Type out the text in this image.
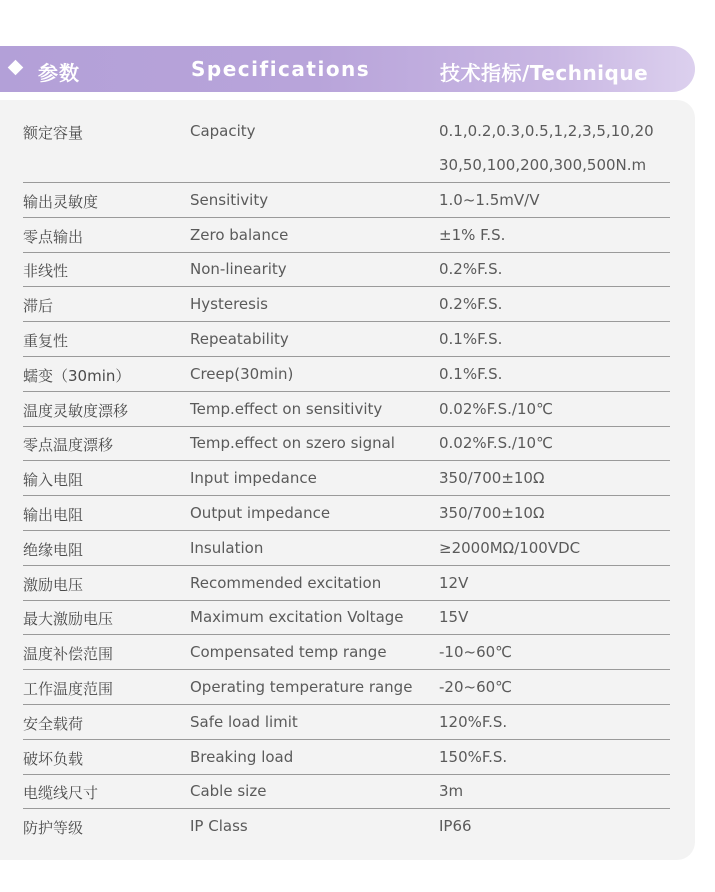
参数	Specifications	技术指标/Technique
额定容量	Capacity	0.1,0.2,0.3,0.5,1,2,3,5,10,20
30,50,100,200,300,500N.m
输出灵敏度	Sensitivity	1.0~1.5mV/V
零点输出	Zero balance	±1% F.S.
非线性	Non-linearity	0.2%F.S.
滞后	Hysteresis	0.2%F.S.
重复性	Repeatability	0.1%F.S.
蠕变（30min）	Creep(30min)	0.1%F.S.
温度灵敏度漂移	Temp.effect on sensitivity	0.02%F.S./10℃
零点温度漂移	Temp.effect on szero signal	0.02%F.S./10℃
输入电阻	Input impedance	350/700±10Ω
输出电阻	Output impedance	350/700±10Ω
绝缘电阻	Insulation	≥2000MΩ/100VDC
激励电压	Recommended excitation	12V
最大激励电压	Maximum excitation Voltage 15V
温度补偿范围	Compensated temp range	-10~60℃
工作温度范围	Operating temperature range -20~60℃
安全载荷	Safe load limit	120%F.S.
破坏负载	Breaking load	150%F.S.
电缆线尺寸	Cable size	3m
防护等级	IP Class	IP66
